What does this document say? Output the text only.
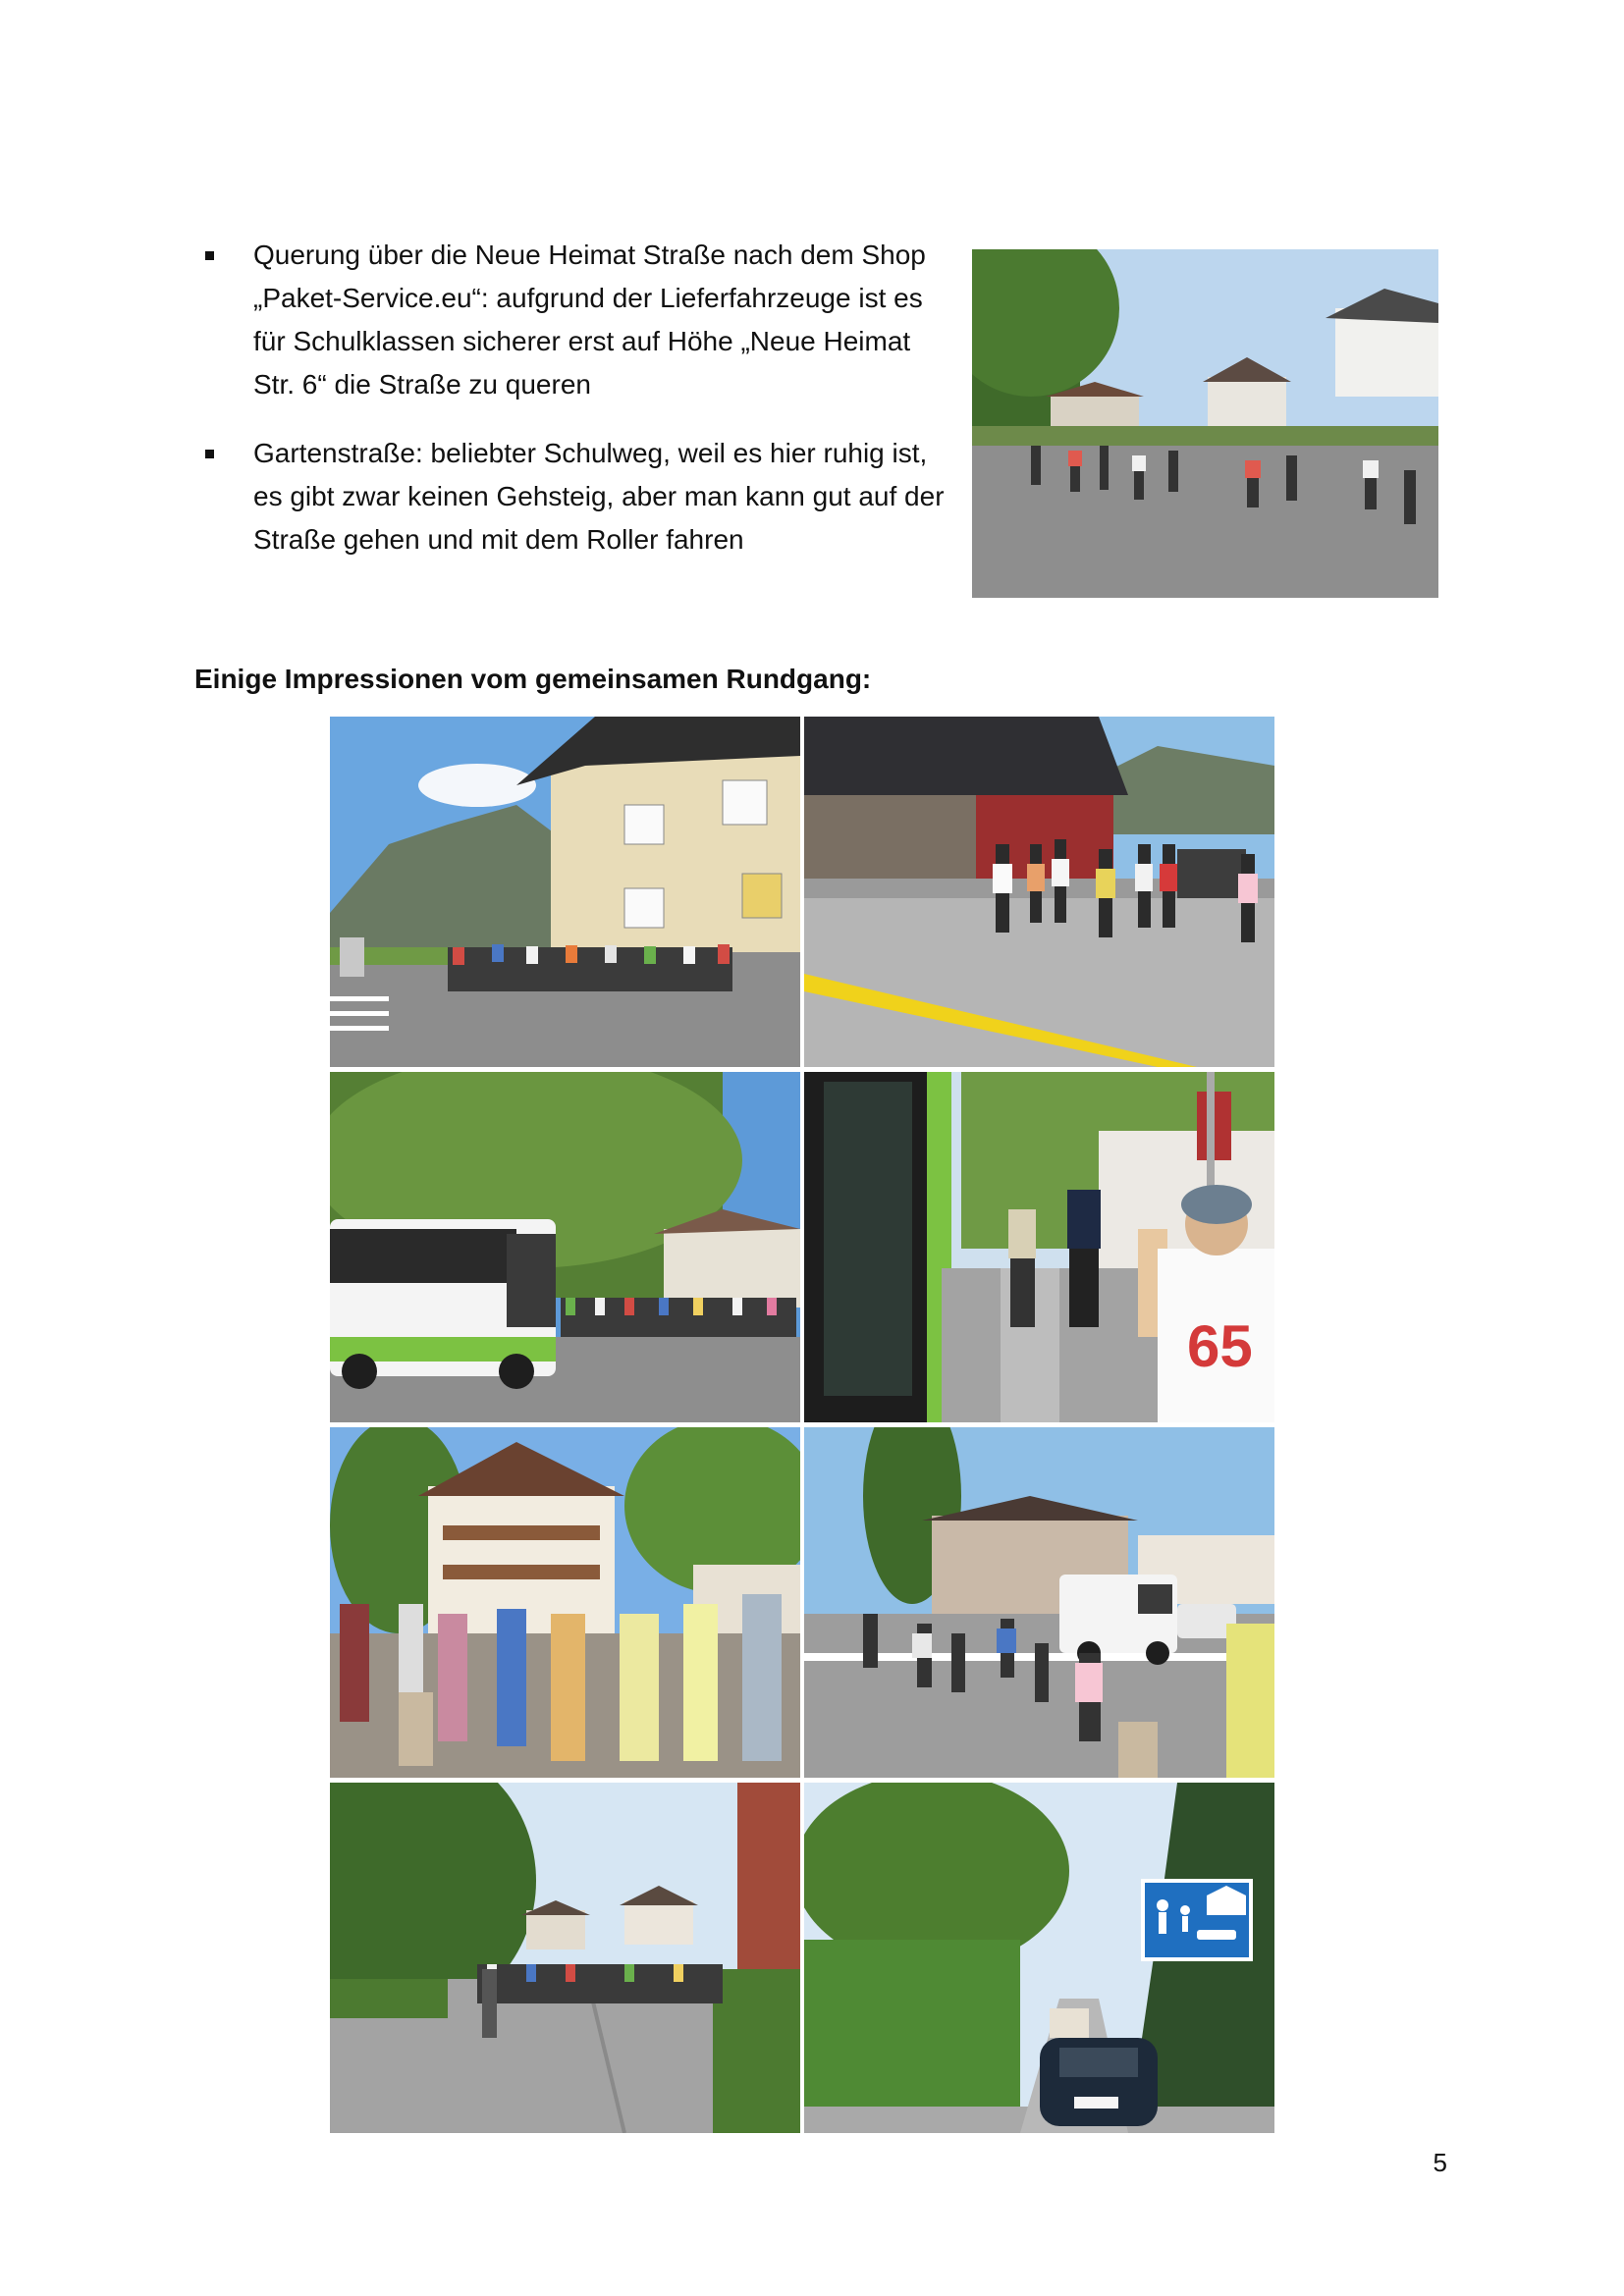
Querung über die Neue Heimat Straße nach dem Shop
„Paket-Service.eu“: aufgrund der Lieferfahrzeuge ist es
für Schulklassen sicherer erst auf Höhe „Neue Heimat
Str. 6“ die Straße zu queren
Gartenstraße: beliebter Schulweg, weil es hier ruhig ist,
es gibt zwar keinen Gehsteig, aber man kann gut auf der
Straße gehen und mit dem Roller fahren
Einige Impressionen vom gemeinsamen Rundgang:
65
5
